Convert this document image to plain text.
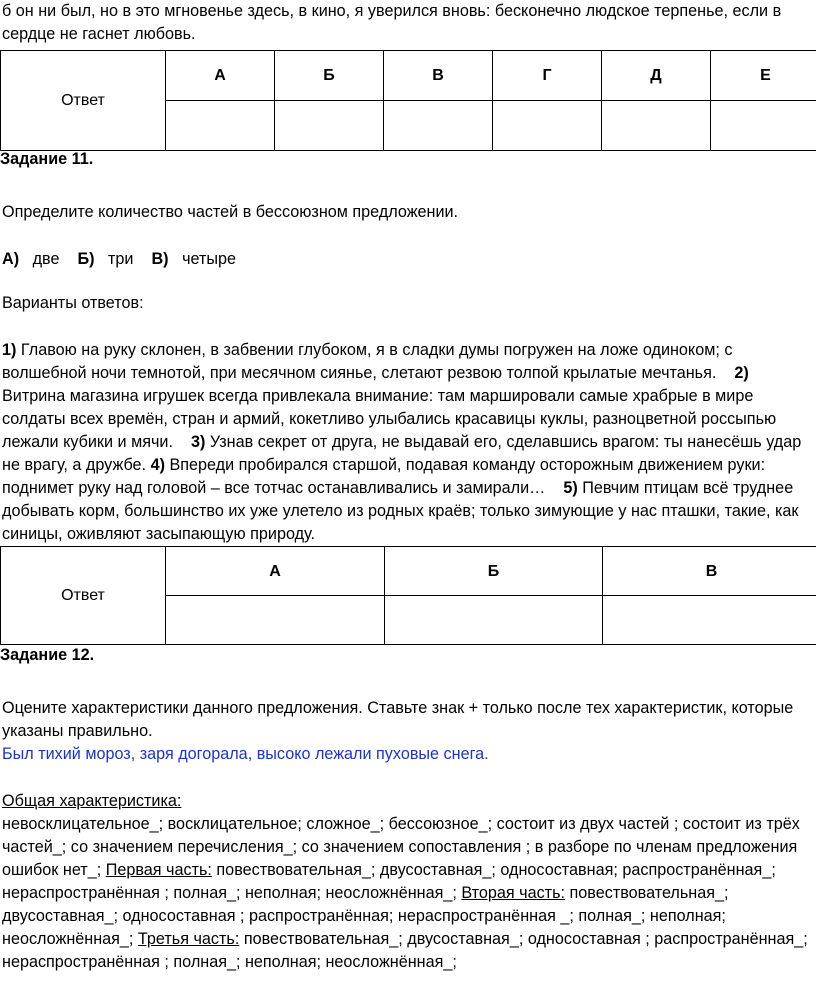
б он ни был, но в это мгновенье здесь, в кино, я уверился вновь: бесконечно людское терпенье, если в

сердце не гаснет любовь.

Ответ	А	Б	В	Г	Д	Е

Задание 11.

Определите количество частей в бессоюзном предложении.

А) две Б) три В) четыре

Варианты ответов:

1) Главою на руку склонен, в забвении глубоком, я в сладки думы погружен на ложе одиноком; с волшебной ночи темнотой, при месячном сиянье, слетают резвою толпой крылатые мечтанья. 2) Витрина магазина игрушек всегда привлекала внимание: там маршировали самые храбрые в мире солдаты всех времён, стран и армий, кокетливо улыбались красавицы куклы, разноцветной россыпью лежали кубики и мячи. 3) Узнав секрет от друга, не выдавай его, сделавшись врагом: ты нанесёшь удар не врагу, а дружбе. 4) Впереди пробирался старшой, подавая команду осторожным движением руки: поднимет руку над головой – все тотчас останавливались и замирали… 5) Певчим птицам всё труднее добывать корм, большинство их уже улетело из родных краёв; только зимующие у нас пташки, такие, как синицы, оживляют засыпающую природу.

Ответ	А	Б	В

Задание 12.

Оцените характеристики данного предложения. Ставьте знак + только после тех характеристик, которые указаны правильно.

Был тихий мороз, заря догорала, высоко лежали пуховые снега.

Общая характеристика:

невосклицательное_; восклицательное; сложное_; бессоюзное_; состоит из двух частей ; состоит из трёх частей_; со значением перечисления_; со значением сопоставления ; в разборе по членам предложения ошибок нет_; Первая часть: повествовательная_; двусоставная_; односоставная; распространённая_; нераспространённая ; полная_; неполная; неосложнённая_; Вторая часть: повествовательная_; двусоставная_; односоставная ; распространённая; нераспространённая _; полная_; неполная; неосложнённая_; Третья часть: повествовательная_; двусоставная_; односоставная ; распространённая_; нераспространённая ; полная_; неполная; неосложнённая_;
